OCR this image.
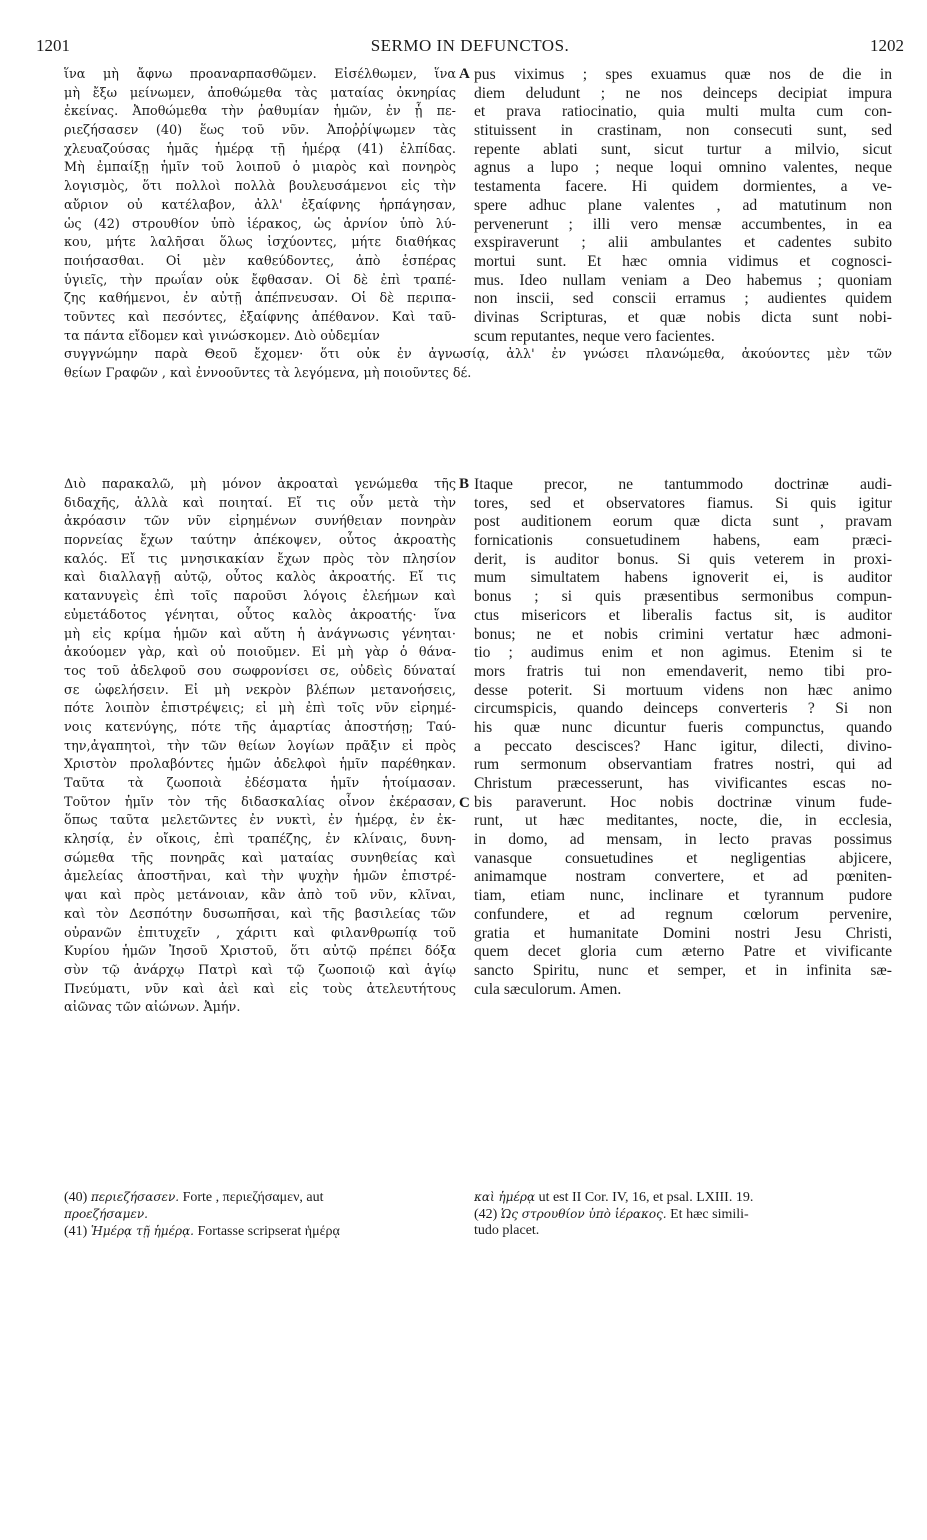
1201	SERMO IN DEFUNCTOS.	1202
A
B
C
ἵνα μὴ ἄφνω προαναρπασθῶμεν. Εἰσέλθωμεν, ἵνα
μὴ ἔξω μείνωμεν, ἀποθώμεθα τὰς ματαίας ὀκνηρίας
ἐκείνας. Ἀποθώμεθα τὴν ῥαθυμίαν ἡμῶν, ἐν ᾗ πε-
ριεζήσασεν (40) ἕως τοῦ νῦν. Ἀποῤῥίψωμεν τὰς
χλευαζούσας ἡμᾶς ἡμέρᾳ τῇ ἡμέρᾳ (41) ἐλπίδας.
Μὴ ἐμπαίξῃ ἡμῖν τοῦ λοιποῦ ὁ μιαρὸς καὶ πονηρὸς
λογισμὸς, ὅτι πολλοὶ πολλὰ βουλευσάμενοι εἰς τὴν
αὔριον οὐ κατέλαβον, ἀλλ' ἐξαίφνης ἡρπάγησαν,
ὡς (42) στρουθίον ὑπὸ ἱέρακος, ὡς ἀρνίον ὑπὸ λύ-
κου, μήτε λαλῆσαι ὅλως ἰσχύοντες, μήτε διαθήκας
ποιήσασθαι. Οἱ μὲν καθεύδοντες, ἀπὸ ἑσπέρας
ὑγιεῖς, τὴν πρωΐαν οὐκ ἔφθασαν. Οἱ δὲ ἐπὶ τραπέ-
ζης καθήμενοι, ἐν αὐτῇ ἀπέπνευσαν. Οἱ δὲ περιπα-
τοῦντες καὶ πεσόντες, ἐξαίφνης ἀπέθανον. Καὶ ταῦ-
τα πάντα εἴδομεν καὶ γινώσκομεν. Διὸ οὐδεμίαν
pus viximus ; spes exuamus quæ nos de die in
diem deludunt ; ne nos deinceps decipiat impura
et prava ratiocinatio, quia multi multa cum con-
stituissent in crastinam, non consecuti sunt, sed
repente ablati sunt, sicut turtur a milvio, sicut
agnus a lupo ; neque loqui omnino valentes, neque
testamenta facere. Hi quidem dormientes, a ve-
spere adhuc plane valentes , ad matutinum non
pervenerunt ; illi vero mensæ accumbentes, in ea
exspiraverunt ; alii ambulantes et cadentes subito
mortui sunt. Et hæc omnia vidimus et cognosci-
mus. Ideo nullam veniam a Deo habemus ; quoniam
non inscii, sed conscii erramus ; audientes quidem
divinas Scripturas, et quæ nobis dicta sunt nobi-
scum reputantes, neque vero facientes.
συγγνώμην παρὰ Θεοῦ ἔχομεν· ὅτι οὐκ ἐν ἀγνωσίᾳ, ἀλλ' ἐν γνώσει πλανώμεθα, ἀκούοντες μὲν τῶν
θείων Γραφῶν , καὶ ἐννοοῦντες τὰ λεγόμενα, μὴ ποιοῦντες δέ.
Διὸ παρακαλῶ, μὴ μόνον ἀκροαταὶ γενώμεθα τῆς
διδαχῆς, ἀλλὰ καὶ ποιηταί. Εἴ τις οὖν μετὰ τὴν
ἀκρόασιν τῶν νῦν εἰρημένων συνήθειαν πονηρὰν
πορνείας ἔχων ταύτην ἀπέκοψεν, οὗτος ἀκροατὴς
καλός. Εἴ τις μνησικακίαν ἔχων πρὸς τὸν πλησίον
καὶ διαλλαγῇ αὐτῷ, οὗτος καλὸς ἀκροατής. Εἴ τις
κατανυγεὶς ἐπὶ τοῖς παροῦσι λόγοις ἐλεήμων καὶ
εὐμετάδοτος γένηται, οὗτος καλὸς ἀκροατής· ἵνα
μὴ εἰς κρίμα ἡμῶν καὶ αὕτη ἡ ἀνάγνωσις γένηται·
ἀκούομεν γὰρ, καὶ οὐ ποιοῦμεν. Εἰ μὴ γὰρ ὁ θάνα-
τος τοῦ ἀδελφοῦ σου σωφρονίσει σε, οὐδεὶς δύναταί
σε ὠφελήσειν. Εἰ μὴ νεκρὸν βλέπων μετανοήσεις,
πότε λοιπὸν ἐπιστρέψεις; εἰ μὴ ἐπὶ τοῖς νῦν εἰρημέ-
νοις κατενύγης, πότε τῆς ἁμαρτίας ἀποστήσῃ; Ταύ-
την,ἀγαπητοὶ, τὴν τῶν θείων λογίων πρᾶξιν εἰ πρὸς
Χριστὸν προλαβόντες ἡμῶν ἀδελφοὶ ἡμῖν παρέθηκαν.
Ταῦτα τὰ ζωοποιὰ ἐδέσματα ἡμῖν ἡτοίμασαν.
Τοῦτον ἡμῖν τὸν τῆς διδασκαλίας οἶνον ἐκέρασαν,
ὅπως ταῦτα μελετῶντες ἐν νυκτὶ, ἐν ἡμέρᾳ, ἐν ἐκ-
κλησίᾳ, ἐν οἴκοις, ἐπὶ τραπέζης, ἐν κλίναις, δυνη-
σώμεθα τῆς πονηρᾶς καὶ ματαίας συνηθείας καὶ
ἀμελείας ἀποστῆναι, καὶ τὴν ψυχὴν ἡμῶν ἐπιστρέ-
ψαι καὶ πρὸς μετάνοιαν, κἂν ἀπὸ τοῦ νῦν, κλῖναι,
καὶ τὸν Δεσπότην δυσωπῆσαι, καὶ τῆς βασιλείας τῶν
οὐρανῶν ἐπιτυχεῖν , χάριτι καὶ φιλανθρωπίᾳ τοῦ
Κυρίου ἡμῶν Ἰησοῦ Χριστοῦ, ὅτι αὐτῷ πρέπει δόξα
σὺν τῷ ἀνάρχῳ Πατρὶ καὶ τῷ ζωοποιῷ καὶ ἁγίῳ
Πνεύματι, νῦν καὶ ἀεὶ καὶ εἰς τοὺς ἀτελευτήτους
αἰῶνας τῶν αἰώνων. Ἀμήν.
Itaque precor, ne tantummodo doctrinæ audi-
tores, sed et observatores fiamus. Si quis igitur
post auditionem eorum quæ dicta sunt , pravam
fornicationis consuetudinem habens, eam præci-
derit, is auditor bonus. Si quis veterem in proxi-
mum simultatem habens ignoverit ei, is auditor
bonus ; si quis præsentibus sermonibus compun-
ctus misericors et liberalis factus sit, is auditor
bonus; ne et nobis crimini vertatur hæc admoni-
tio ; audimus enim et non agimus. Etenim si te
mors fratris tui non emendaverit, nemo tibi pro-
desse poterit. Si mortuum videns non hæc animo
circumspicis, quando deinceps converteris ? Si non
his quæ nunc dicuntur fueris compunctus, quando
a peccato descisces? Hanc igitur, dilecti, divino-
rum sermonum observantiam fratres nostri, qui ad
Christum præcesserunt, has vivificantes escas no-
bis paraverunt. Hoc nobis doctrinæ vinum fude-
runt, ut hæc meditantes, nocte, die, in ecclesia,
in domo, ad mensam, in lecto pravas possimus
vanasque consuetudines et negligentias abjicere,
animamque nostram convertere, et ad pœniten-
tiam, etiam nunc, inclinare et tyrannum pudore
confundere, et ad regnum cœlorum pervenire,
gratia et humanitate Domini nostri Jesu Christi,
quem decet gloria cum æterno Patre et vivificante
sancto Spiritu, nunc et semper, et in infinita sæ-
cula sæculorum. Amen.
(40) περιεζήσασεν. Forte , περιεζήσαμεν, aut
προεζήσαμεν.
(41) Ἡμέρᾳ τῇ ἡμέρᾳ. Fortasse scripserat ἡμέρᾳ
καὶ ἡμέρᾳ ut est II Cor. IV, 16, et psal. LXIII. 19.
(42) Ὡς στρουθίον ὑπὸ ἱέρακος. Et hæc simili-
tudo placet.
